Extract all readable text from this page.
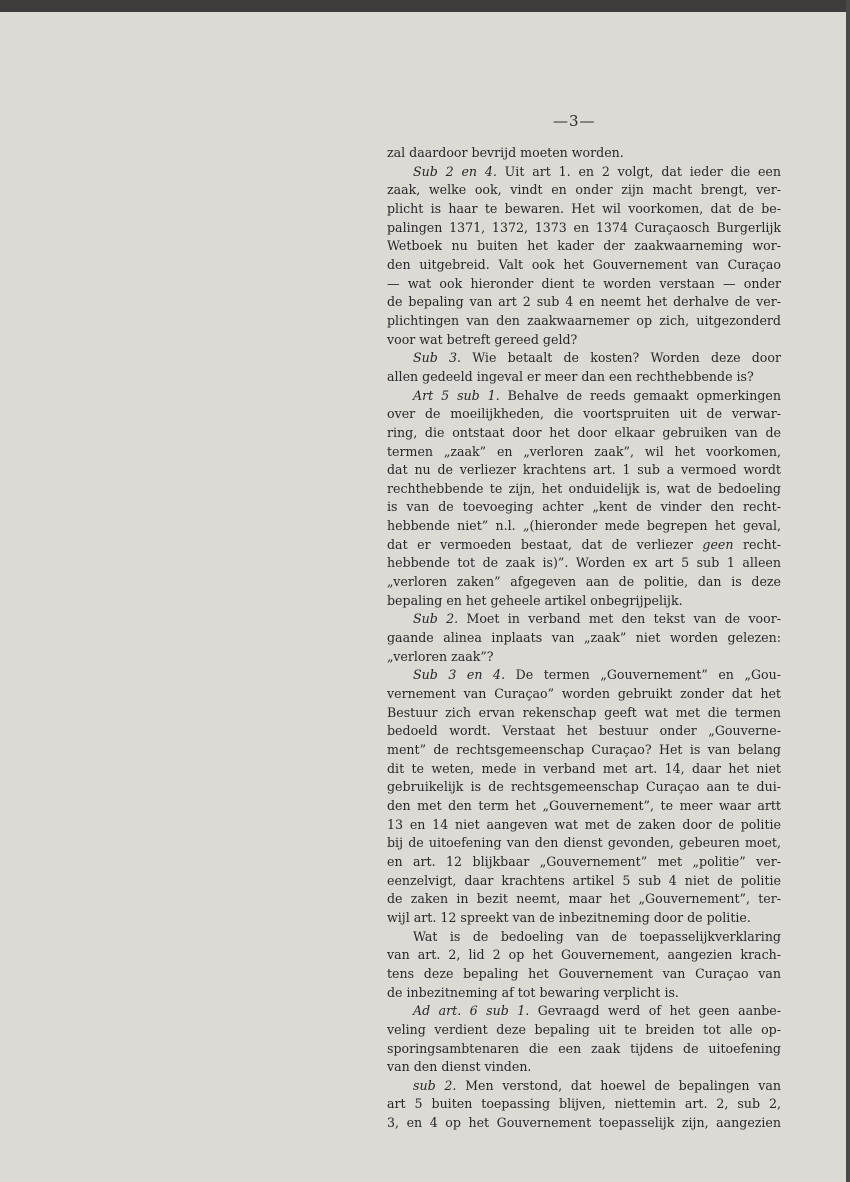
—3—

zal daardoor bevrijd moeten worden.

Sub 2 en 4. Uit art 1. en 2 volgt, dat ieder die een

zaak, welke ook, vindt en onder zijn macht brengt, ver-

plicht is haar te bewaren. Het wil voorkomen, dat de be-

palingen 1371, 1372, 1373 en 1374 Curaçaosch Burgerlijk

Wetboek nu buiten het kader der zaakwaarneming wor-

den uitgebreid. Valt ook het Gouvernement van Curaçao

— wat ook hieronder dient te worden verstaan — onder

de bepaling van art 2 sub 4 en neemt het derhalve de ver-

plichtingen van den zaakwaarnemer op zich, uitgezonderd

voor wat betreft gereed geld?

Sub 3. Wie betaalt de kosten? Worden deze door

allen gedeeld ingeval er meer dan een rechthebbende is?

Art 5 sub 1. Behalve de reeds gemaakt opmerkingen

over de moeilijkheden, die voortspruiten uit de verwar-

ring, die ontstaat door het door elkaar gebruiken van de

termen „zaak” en „verloren zaak”, wil het voorkomen,

dat nu de verliezer krachtens art. 1 sub a vermoed wordt

rechthebbende te zijn, het onduidelijk is, wat de bedoeling

is van de toevoeging achter „kent de vinder den recht-

hebbende niet” n.l. „(hieronder mede begrepen het geval,

dat er vermoeden bestaat, dat de verliezer geen recht-

hebbende tot de zaak is)”. Worden ex art 5 sub 1 alleen

„verloren zaken” afgegeven aan de politie, dan is deze

bepaling en het geheele artikel onbegrijpelijk.

Sub 2. Moet in verband met den tekst van de voor-

gaande alinea inplaats van „zaak” niet worden gelezen:

„verloren zaak”?

Sub 3 en 4. De termen „Gouvernement” en „Gou-

vernement van Curaçao” worden gebruikt zonder dat het

Bestuur zich ervan rekenschap geeft wat met die termen

bedoeld wordt. Verstaat het bestuur onder „Gouverne-

ment” de rechtsgemeenschap Curaçao? Het is van belang

dit te weten, mede in verband met art. 14, daar het niet

gebruikelijk is de rechtsgemeenschap Curaçao aan te dui-

den met den term het „Gouvernement”, te meer waar artt

13 en 14 niet aangeven wat met de zaken door de politie

bij de uitoefening van den dienst gevonden, gebeuren moet,

en art. 12 blijkbaar „Gouvernement” met „politie” ver-

eenzelvigt, daar krachtens artikel 5 sub 4 niet de politie

de zaken in bezit neemt, maar het „Gouvernement”, ter-

wijl art. 12 spreekt van de inbezitneming door de politie.

Wat is de bedoeling van de toepasselijkverklaring

van art. 2, lid 2 op het Gouvernement, aangezien krach-

tens deze bepaling het Gouvernement van Curaçao van

de inbezitneming af tot bewaring verplicht is.

Ad art. 6 sub 1. Gevraagd werd of het geen aanbe-

veling verdient deze bepaling uit te breiden tot alle op-

sporingsambtenaren die een zaak tijdens de uitoefening

van den dienst vinden.

sub 2. Men verstond, dat hoewel de bepalingen van

art 5 buiten toepassing blijven, niettemin art. 2, sub 2,

3, en 4 op het Gouvernement toepasselijk zijn, aangezien
